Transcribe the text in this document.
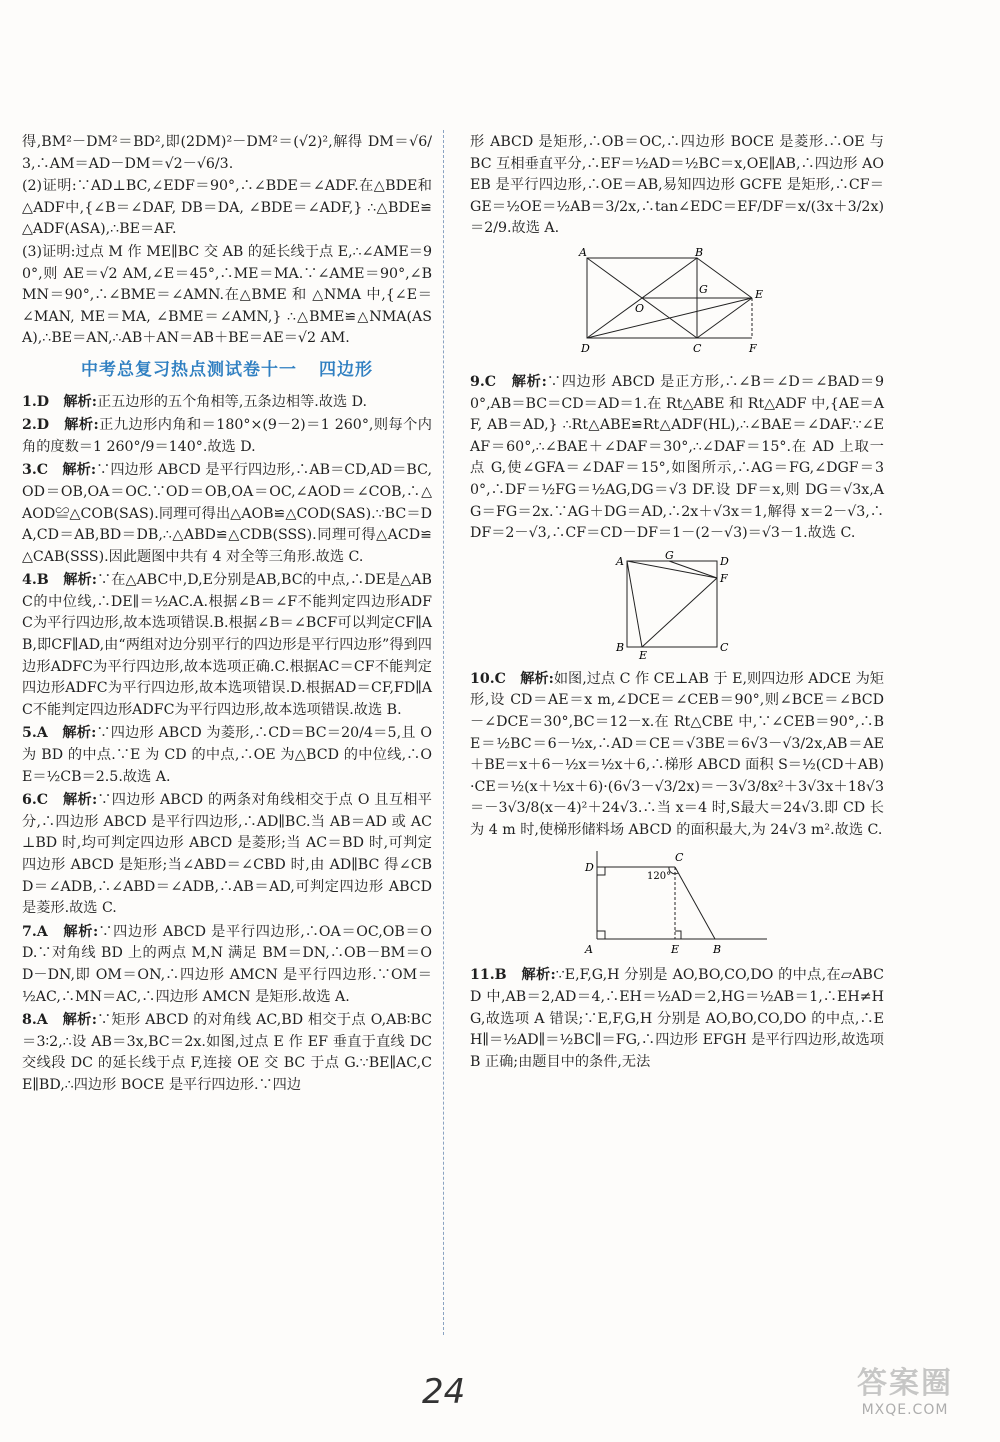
得,BM²－DM²＝BD²,即(2DM)²－DM²＝(√2)²,解得 DM＝√6/3,∴AM＝AD－DM＝√2－√6/3.

(2)证明:∵AD⊥BC,∠EDF＝90°,∴∠BDE＝∠ADF.在△BDE和△ADF中,{∠B＝∠DAF, DB＝DA, ∠BDE＝∠ADF,} ∴△BDE≌△ADF(ASA),∴BE＝AF.

(3)证明:过点 M 作 ME∥BC 交 AB 的延长线于点 E,∴∠AME＝90°,则 AE＝√2 AM,∠E＝45°,∴ME＝MA.∵∠AME＝90°,∠BMN＝90°,∴∠BME＝∠AMN.在△BME 和 △NMA 中,{∠E＝∠MAN, ME＝MA, ∠BME＝∠AMN,} ∴△BME≌△NMA(ASA),∴BE＝AN,∴AB＋AN＝AB＋BE＝AE＝√2 AM.

中考总复习热点测试卷十一 四边形

1.D　 解析:正五边形的五个角相等,五条边相等.故选 D.

2.D　 解析:正九边形内角和＝180°×(9－2)＝1 260°,则每个内角的度数＝1 260°/9＝140°.故选 D.

3.C　 解析:∵四边形 ABCD 是平行四边形,∴AB＝CD,AD＝BC,OD＝OB,OA＝OC.∵OD＝OB,OA＝OC,∠AOD＝∠COB,∴△AOD≌△COB(SAS).同理可得出△AOB≌△COD(SAS).∵BC＝DA,CD＝AB,BD＝DB,∴△ABD≌△CDB(SSS).同理可得△ACD≌△CAB(SSS).因此题图中共有 4 对全等三角形.故选 C.

4.B　 解析:∵在△ABC中,D,E分别是AB,BC的中点,∴DE是△ABC的中位线,∴DE∥＝½AC.A.根据∠B＝∠F不能判定四边形ADFC为平行四边形,故本选项错误.B.根据∠B＝∠BCF可以判定CF∥AB,即CF∥AD,由“两组对边分别平行的四边形是平行四边形”得到四边形ADFC为平行四边形,故本选项正确.C.根据AC＝CF不能判定四边形ADFC为平行四边形,故本选项错误.D.根据AD＝CF,FD∥AC不能判定四边形ADFC为平行四边形,故本选项错误.故选 B.

5.A　 解析:∵四边形 ABCD 为菱形,∴CD＝BC＝20/4＝5,且 O 为 BD 的中点.∵E 为 CD 的中点,∴OE 为△BCD 的中位线,∴OE＝½CB＝2.5.故选 A.

6.C　 解析:∵四边形 ABCD 的两条对角线相交于点 O 且互相平分,∴四边形 ABCD 是平行四边形,∴AD∥BC.当 AB＝AD 或 AC⊥BD 时,均可判定四边形 ABCD 是菱形;当 AC＝BD 时,可判定四边形 ABCD 是矩形;当∠ABD＝∠CBD 时,由 AD∥BC 得∠CBD＝∠ADB,∴∠ABD＝∠ADB,∴AB＝AD,可判定四边形 ABCD 是菱形.故选 C.

7.A　 解析:∵四边形 ABCD 是平行四边形,∴OA＝OC,OB＝OD.∵对角线 BD 上的两点 M,N 满足 BM＝DN,∴OB－BM＝OD－DN,即 OM＝ON,∴四边形 AMCN 是平行四边形.∵OM＝½AC,∴MN＝AC,∴四边形 AMCN 是矩形.故选 A.

8.A　 解析:∵矩形 ABCD 的对角线 AC,BD 相交于点 O,AB∶BC＝3∶2,∴设 AB＝3x,BC＝2x.如图,过点 E 作 EF 垂直于直线 DC 交线段 DC 的延长线于点 F,连接 OE 交 BC 于点 G.∵BE∥AC,CE∥BD,∴四边形 BOCE 是平行四边形.∵四边

形 ABCD 是矩形,∴OB＝OC,∴四边形 BOCE 是菱形.∴OE 与 BC 互相垂直平分,∴EF＝½AD＝½BC＝x,OE∥AB,∴四边形 AOEB 是平行四边形,∴OE＝AB,易知四边形 GCFE 是矩形,∴CF＝GE＝½OE＝½AB＝3/2x,∴tan∠EDC＝EF/DF＝x/(3x＋3/2x)＝2/9.故选 A.

A	B
C
D
E
F
G
O

9.C　 解析:∵四边形 ABCD 是正方形,∴∠B＝∠D＝∠BAD＝90°,AB＝BC＝CD＝AD＝1.在 Rt△ABE 和 Rt△ADF 中,{AE＝AF, AB＝AD,} ∴Rt△ABE≌Rt△ADF(HL),∴∠BAE＝∠DAF.∵∠EAF＝60°,∴∠BAE＋∠DAF＝30°,∴∠DAF＝15°.在 AD 上取一点 G,使∠GFA＝∠DAF＝15°,如图所示,∴AG＝FG,∠DGF＝30°,∴DF＝½FG＝½AG,DG＝√3 DF.设 DF＝x,则 DG＝√3x,AG＝FG＝2x.∵AG＋DG＝AD,∴2x＋√3x＝1,解得 x＝2－√3,∴DF＝2－√3,∴CF＝CD－DF＝1－(2－√3)＝√3－1.故选 C.

A
B	C
D
E
F
G

10.C　 解析:如图,过点 C 作 CE⊥AB 于 E,则四边形 ADCE 为矩形,设 CD＝AE＝x m,∠DCE＝∠CEB＝90°,则∠BCE＝∠BCD－∠DCE＝30°,BC＝12－x.在 Rt△CBE 中,∵∠CEB＝90°,∴BE＝½BC＝6－½x,∴AD＝CE＝√3BE＝6√3－√3/2x,AB＝AE＋BE＝x＋6－½x＝½x＋6,∴梯形 ABCD 面积 S＝½(CD＋AB)·CE＝½(x＋½x＋6)·(6√3－√3/2x)＝－3√3/8x²＋3√3x＋18√3＝－3√3/8(x－4)²＋24√3.∴当 x＝4 时,S最大＝24√3.即 CD 长为 4 m 时,使梯形储料场 ABCD 的面积最大,为 24√3 m².故选 C.

A	B
C
D
E
120°

11.B　 解析:∵E,F,G,H 分别是 AO,BO,CO,DO 的中点,在▱ABCD 中,AB＝2,AD＝4,∴EH＝½AD＝2,HG＝½AB＝1,∴EH≠HG,故选项 A 错误;∵E,F,G,H 分别是 AO,BO,CO,DO 的中点,∴EH∥＝½AD∥＝½BC∥＝FG,∴四边形 EFGH 是平行四边形,故选项 B 正确;由题目中的条件,无法

24	答案圈
MXQE.COM
